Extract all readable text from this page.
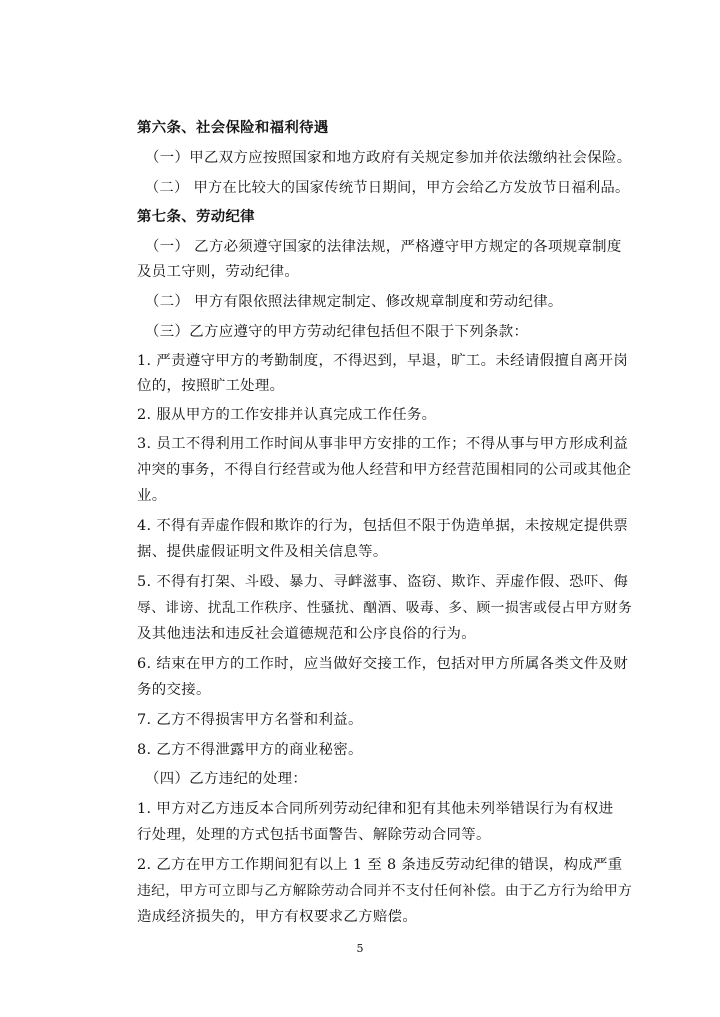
第六条、社会保险和福利待遇
（一）甲乙双方应按照国家和地方政府有关规定参加并依法缴纳社会保险。
（二） 甲方在比较大的国家传统节日期间，甲方会给乙方发放节日福利品。
第七条、劳动纪律
（一） 乙方必须遵守国家的法律法规，严格遵守甲方规定的各项规章制度
及员工守则，劳动纪律。
（二） 甲方有限依照法律规定制定、修改规章制度和劳动纪律。
（三）乙方应遵守的甲方劳动纪律包括但不限于下列条款：
1. 严责遵守甲方的考勤制度，不得迟到，早退，旷工。未经请假擅自离开岗
位的，按照旷工处理。
2. 服从甲方的工作安排并认真完成工作任务。
3. 员工不得利用工作时间从事非甲方安排的工作；不得从事与甲方形成利益
冲突的事务，不得自行经营或为他人经营和甲方经营范围相同的公司或其他企
业。
4. 不得有弄虚作假和欺诈的行为，包括但不限于伪造单据，未按规定提供票
据、提供虚假证明文件及相关信息等。
5. 不得有打架、斗殴、暴力、寻衅滋事、盗窃、欺诈、弄虚作假、恐吓、侮
辱、诽谤、扰乱工作秩序、性骚扰、酗酒、吸毒、多、顾一损害或侵占甲方财务
及其他违法和违反社会道德规范和公序良俗的行为。
6. 结束在甲方的工作时，应当做好交接工作，包括对甲方所属各类文件及财
务的交接。
7. 乙方不得损害甲方名誉和利益。
8. 乙方不得泄露甲方的商业秘密。
（四）乙方违纪的处理：
1. 甲方对乙方违反本合同所列劳动纪律和犯有其他未列举错误行为有权进
行处理，处理的方式包括书面警告、解除劳动合同等。
2. 乙方在甲方工作期间犯有以上 1 至 8 条违反劳动纪律的错误，构成严重
违纪，甲方可立即与乙方解除劳动合同并不支付任何补偿。由于乙方行为给甲方
造成经济损失的，甲方有权要求乙方赔偿。
5
